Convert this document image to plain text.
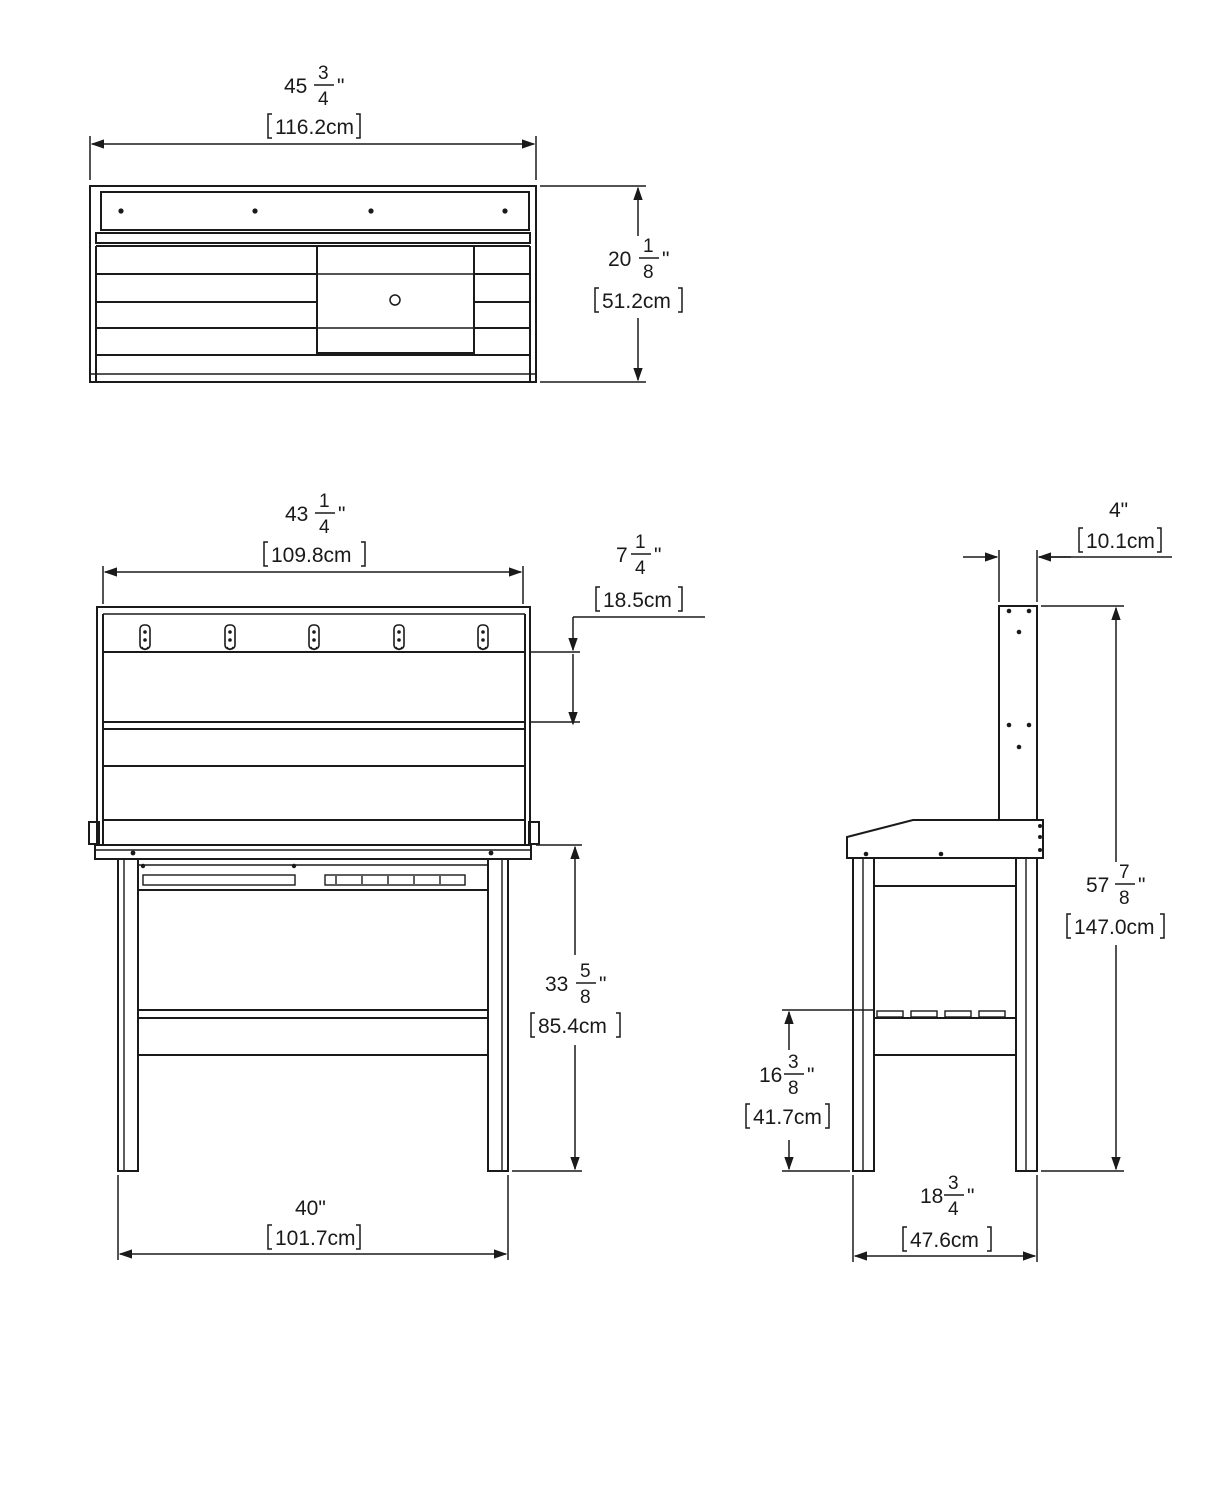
45
3
4
"
116.2cm
20
1
8
"
51.2cm
43
1
4
"
109.8cm	7
1
4
"
18.5cm
33
5
8
"
85.4cm
40"
101.7cm
4"
10.1cm
57
7
8
"
147.0cm
16
3
8
"
41.7cm
18
3
4
"
47.6cm
